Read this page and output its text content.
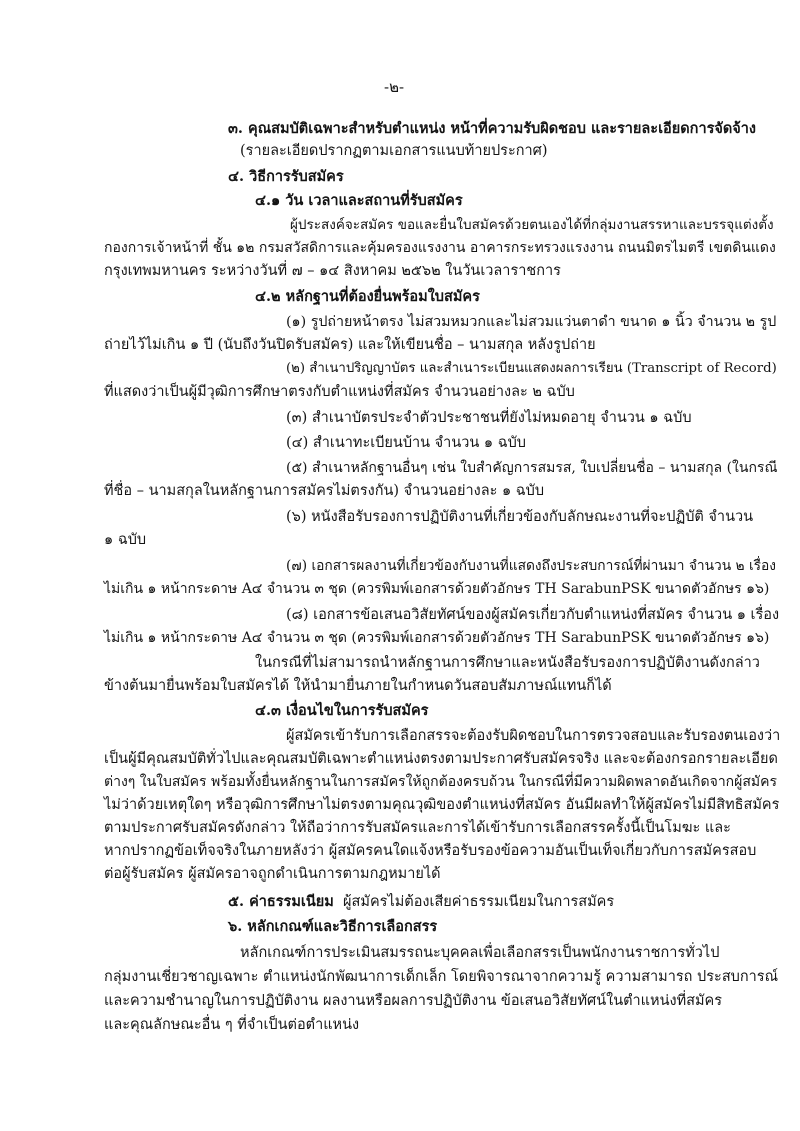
-๒-
๓. คุณสมบัติเฉพาะสำหรับตำแหน่ง หน้าที่ความรับผิดชอบ และรายละเอียดการจัดจ้าง
(รายละเอียดปรากฏตามเอกสารแนบท้ายประกาศ)
๔. วิธีการรับสมัคร
๔.๑ วัน เวลาและสถานที่รับสมัคร
ผู้ประสงค์จะสมัคร ขอและยื่นใบสมัครด้วยตนเองได้ที่กลุ่มงานสรรหาและบรรจุแต่งตั้ง
กองการเจ้าหน้าที่ ชั้น ๑๒ กรมสวัสดิการและคุ้มครองแรงงาน อาคารกระทรวงแรงงาน ถนนมิตรไมตรี เขตดินแดง
กรุงเทพมหานคร ระหว่างวันที่ ๗ – ๑๔ สิงหาคม ๒๕๖๒ ในวันเวลาราชการ
๔.๒ หลักฐานที่ต้องยื่นพร้อมใบสมัคร
(๑) รูปถ่ายหน้าตรง ไม่สวมหมวกและไม่สวมแว่นตาดำ ขนาด ๑ นิ้ว จำนวน ๒ รูป
ถ่ายไว้ไม่เกิน ๑ ปี (นับถึงวันปิดรับสมัคร) และให้เขียนชื่อ – นามสกุล หลังรูปถ่าย
(๒) สำเนาปริญญาบัตร และสำเนาระเบียนแสดงผลการเรียน (Transcript of Record)
ที่แสดงว่าเป็นผู้มีวุฒิการศึกษาตรงกับตำแหน่งที่สมัคร จำนวนอย่างละ ๒ ฉบับ
(๓) สำเนาบัตรประจำตัวประชาชนที่ยังไม่หมดอายุ จำนวน ๑ ฉบับ
(๔) สำเนาทะเบียนบ้าน จำนวน ๑ ฉบับ
(๕) สำเนาหลักฐานอื่นๆ เช่น ใบสำคัญการสมรส, ใบเปลี่ยนชื่อ – นามสกุล (ในกรณี
ที่ชื่อ – นามสกุลในหลักฐานการสมัครไม่ตรงกัน) จำนวนอย่างละ ๑ ฉบับ
(๖) หนังสือรับรองการปฏิบัติงานที่เกี่ยวข้องกับลักษณะงานที่จะปฏิบัติ จำนวน
๑ ฉบับ
(๗) เอกสารผลงานที่เกี่ยวข้องกับงานที่แสดงถึงประสบการณ์ที่ผ่านมา จำนวน ๒ เรื่อง
ไม่เกิน ๑ หน้ากระดาษ A๔ จำนวน ๓ ชุด (ควรพิมพ์เอกสารด้วยตัวอักษร TH SarabunPSK ขนาดตัวอักษร ๑๖)
(๘) เอกสารข้อเสนอวิสัยทัศน์ของผู้สมัครเกี่ยวกับตำแหน่งที่สมัคร จำนวน ๑ เรื่อง
ไม่เกิน ๑ หน้ากระดาษ A๔ จำนวน ๓ ชุด (ควรพิมพ์เอกสารด้วยตัวอักษร TH SarabunPSK ขนาดตัวอักษร ๑๖)
ในกรณีที่ไม่สามารถนำหลักฐานการศึกษาและหนังสือรับรองการปฏิบัติงานดังกล่าว
ข้างต้นมายื่นพร้อมใบสมัครได้ ให้นำมายื่นภายในกำหนดวันสอบสัมภาษณ์แทนก็ได้
๔.๓ เงื่อนไขในการรับสมัคร
ผู้สมัครเข้ารับการเลือกสรรจะต้องรับผิดชอบในการตรวจสอบและรับรองตนเองว่า
เป็นผู้มีคุณสมบัติทั่วไปและคุณสมบัติเฉพาะตำแหน่งตรงตามประกาศรับสมัครจริง และจะต้องกรอกรายละเอียด
ต่างๆ ในใบสมัคร พร้อมทั้งยื่นหลักฐานในการสมัครให้ถูกต้องครบถ้วน ในกรณีที่มีความผิดพลาดอันเกิดจากผู้สมัคร
ไม่ว่าด้วยเหตุใดๆ หรือวุฒิการศึกษาไม่ตรงตามคุณวุฒิของตำแหน่งที่สมัคร อันมีผลทำให้ผู้สมัครไม่มีสิทธิสมัคร
ตามประกาศรับสมัครดังกล่าว ให้ถือว่าการรับสมัครและการได้เข้ารับการเลือกสรรครั้งนี้เป็นโมฆะ และ
หากปรากฏข้อเท็จจริงในภายหลังว่า ผู้สมัครคนใดแจ้งหรือรับรองข้อความอันเป็นเท็จเกี่ยวกับการสมัครสอบ
ต่อผู้รับสมัคร ผู้สมัครอาจถูกดำเนินการตามกฎหมายได้
๕. ค่าธรรมเนียม ผู้สมัครไม่ต้องเสียค่าธรรมเนียมในการสมัคร
๖. หลักเกณฑ์และวิธีการเลือกสรร
หลักเกณฑ์การประเมินสมรรถนะบุคคลเพื่อเลือกสรรเป็นพนักงานราชการทั่วไป
กลุ่มงานเชี่ยวชาญเฉพาะ ตำแหน่งนักพัฒนาการเด็กเล็ก โดยพิจารณาจากความรู้ ความสามารถ ประสบการณ์
และความชำนาญในการปฏิบัติงาน ผลงานหรือผลการปฏิบัติงาน ข้อเสนอวิสัยทัศน์ในตำแหน่งที่สมัคร
และคุณลักษณะอื่น ๆ ที่จำเป็นต่อตำแหน่ง
